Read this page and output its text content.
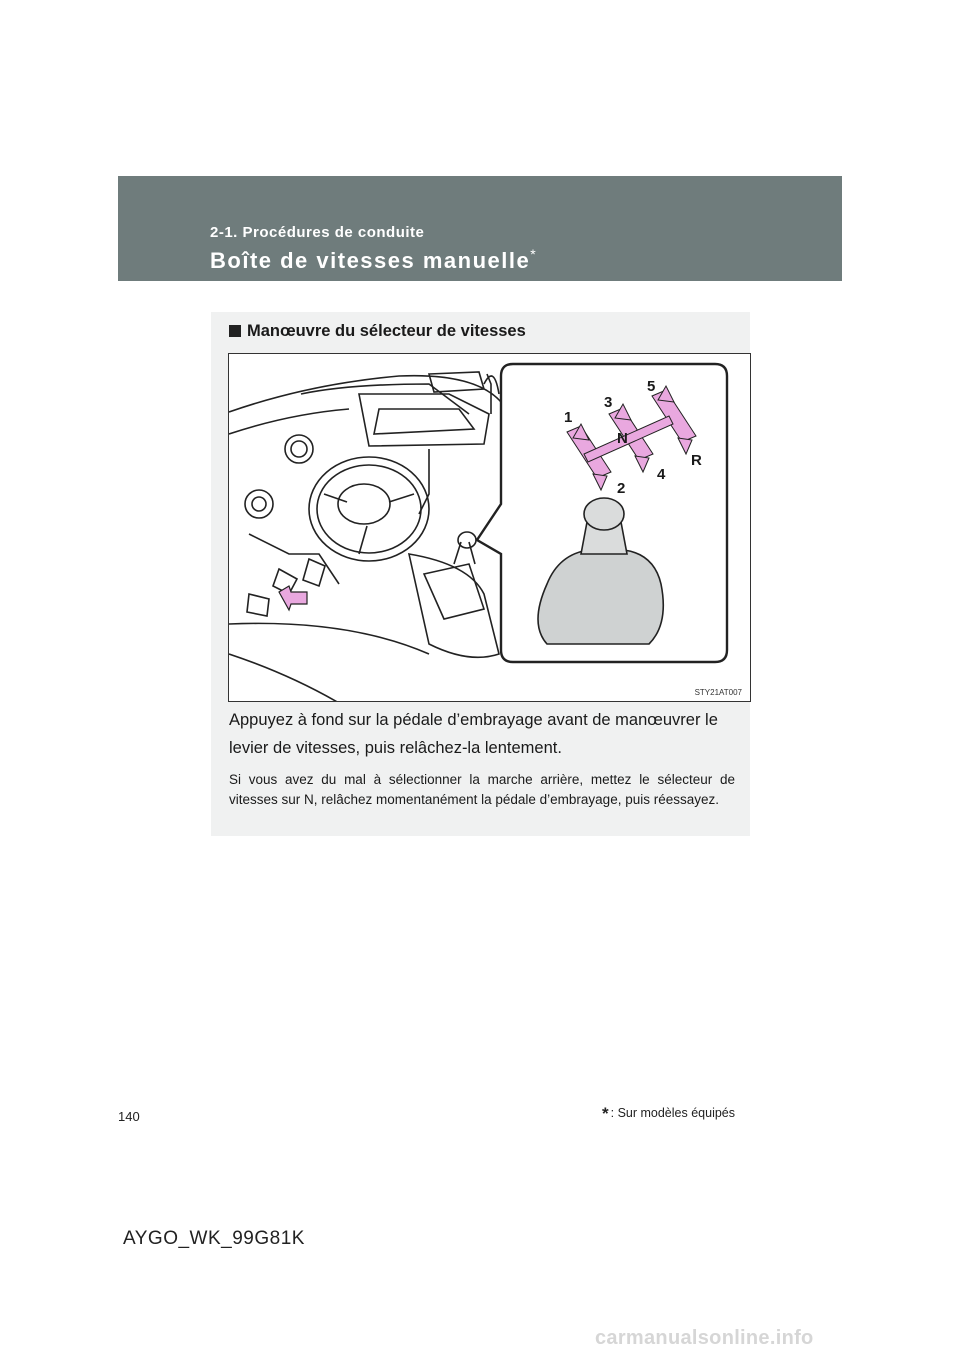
2-1. Procédures de conduite
Boîte de vitesses manuelle*
Manœuvre du sélecteur de vitesses
1
2
3
4
5
N
R
STY21AT007
Appuyez à fond sur la pédale d’embrayage avant de manœuvrer le levier de vitesses, puis relâchez-la lentement.
Si vous avez du mal à sélectionner la marche arrière, mettez le sélecteur de vitesses sur N, relâchez momentanément la pédale d’embrayage, puis réessayez.
* : Sur modèles équipés
140
AYGO_WK_99G81K
carmanualsonline.info
